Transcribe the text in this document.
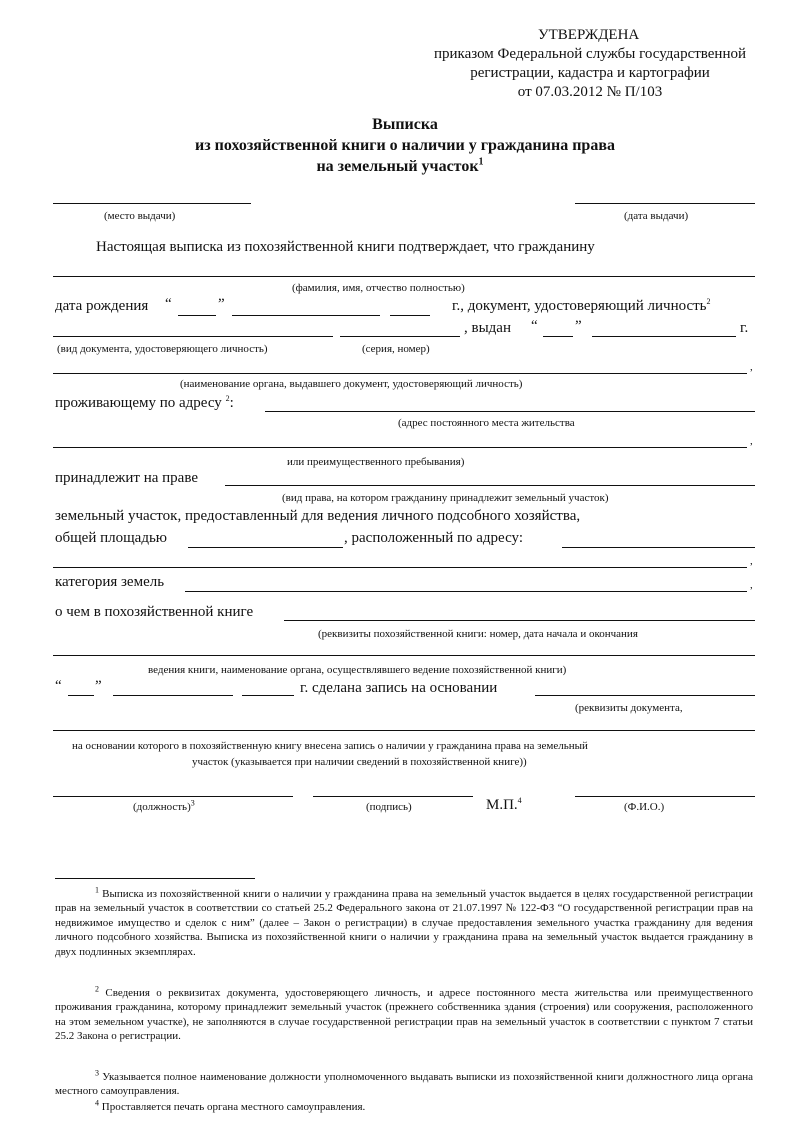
УТВЕРЖДЕНА
приказом Федеральной службы государственной
регистрации, кадастра и картографии
от 07.03.2012 № П/103
Выписка
из похозяйственной книги о наличии у гражданина права
на земельный участок$^1$
(место выдачи)	(дата выдачи)
Настоящая выписка из похозяйственной книги подтверждает, что гражданину
(фамилия, имя, отчество полностью)
дата рождения “	”	г., документ, удостоверяющий личность$^2$
, выдан “ ”	г.
(вид документа, удостоверяющего личность)	(серия, номер)
,
(наименование органа, выдавшего документ, удостоверяющий личность)
проживающему по адресу $^2$:
(адрес постоянного места жительства
,
или преимущественного пребывания)
принадлежит на праве
(вид права, на котором гражданину принадлежит земельный участок)
земельный участок, предоставленный для ведения личного подсобного хозяйства,
общей площадью	, расположенный по адресу:
,
категория земель	,
о чем в похозяйственной книге
(реквизиты похозяйственной книги: номер, дата начала и окончания
ведения книги, наименование органа, осуществлявшего ведение похозяйственной книги)
“ ”	г. сделана запись на основании
(реквизиты документа,
на основании которого в похозяйственную книгу внесена запись о наличии у гражданина права на земельный
участок (указывается при наличии сведений в похозяйственной книге))
(должность)$^3$	(подпись)	М.П.$^4$
(Ф.И.О.)
$^1$ Выписка из похозяйственной книги о наличии у гражданина права на земельный участок выдается в целях государственной регистрации прав на земельный участок в соответствии со статьей 25.2 Федерального закона от 21.07.1997 № 122-ФЗ “О государственной регистрации прав на недвижимое имущество и сделок с ним” (далее – Закон о регистрации) в случае предоставления земельного участка гражданину для ведения личного подсобного хозяйства. Выписка из похозяйственной книги о наличии у гражданина права на земельный участок выдается гражданину в двух подлинных экземплярах.
$^2$ Сведения о реквизитах документа, удостоверяющего личность, и адресе постоянного места жительства или преимущественного проживания гражданина, которому принадлежит земельный участок (прежнего собственника здания (строения) или сооружения, расположенного на этом земельном участке), не заполняются в случае государственной регистрации прав на земельный участок в соответствии с пунктом 7 статьи 25.2 Закона о регистрации.
$^3$ Указывается полное наименование должности уполномоченного выдавать выписки из похозяйственной книги должностного лица органа местного самоуправления.
$^4$ Проставляется печать органа местного самоуправления.
